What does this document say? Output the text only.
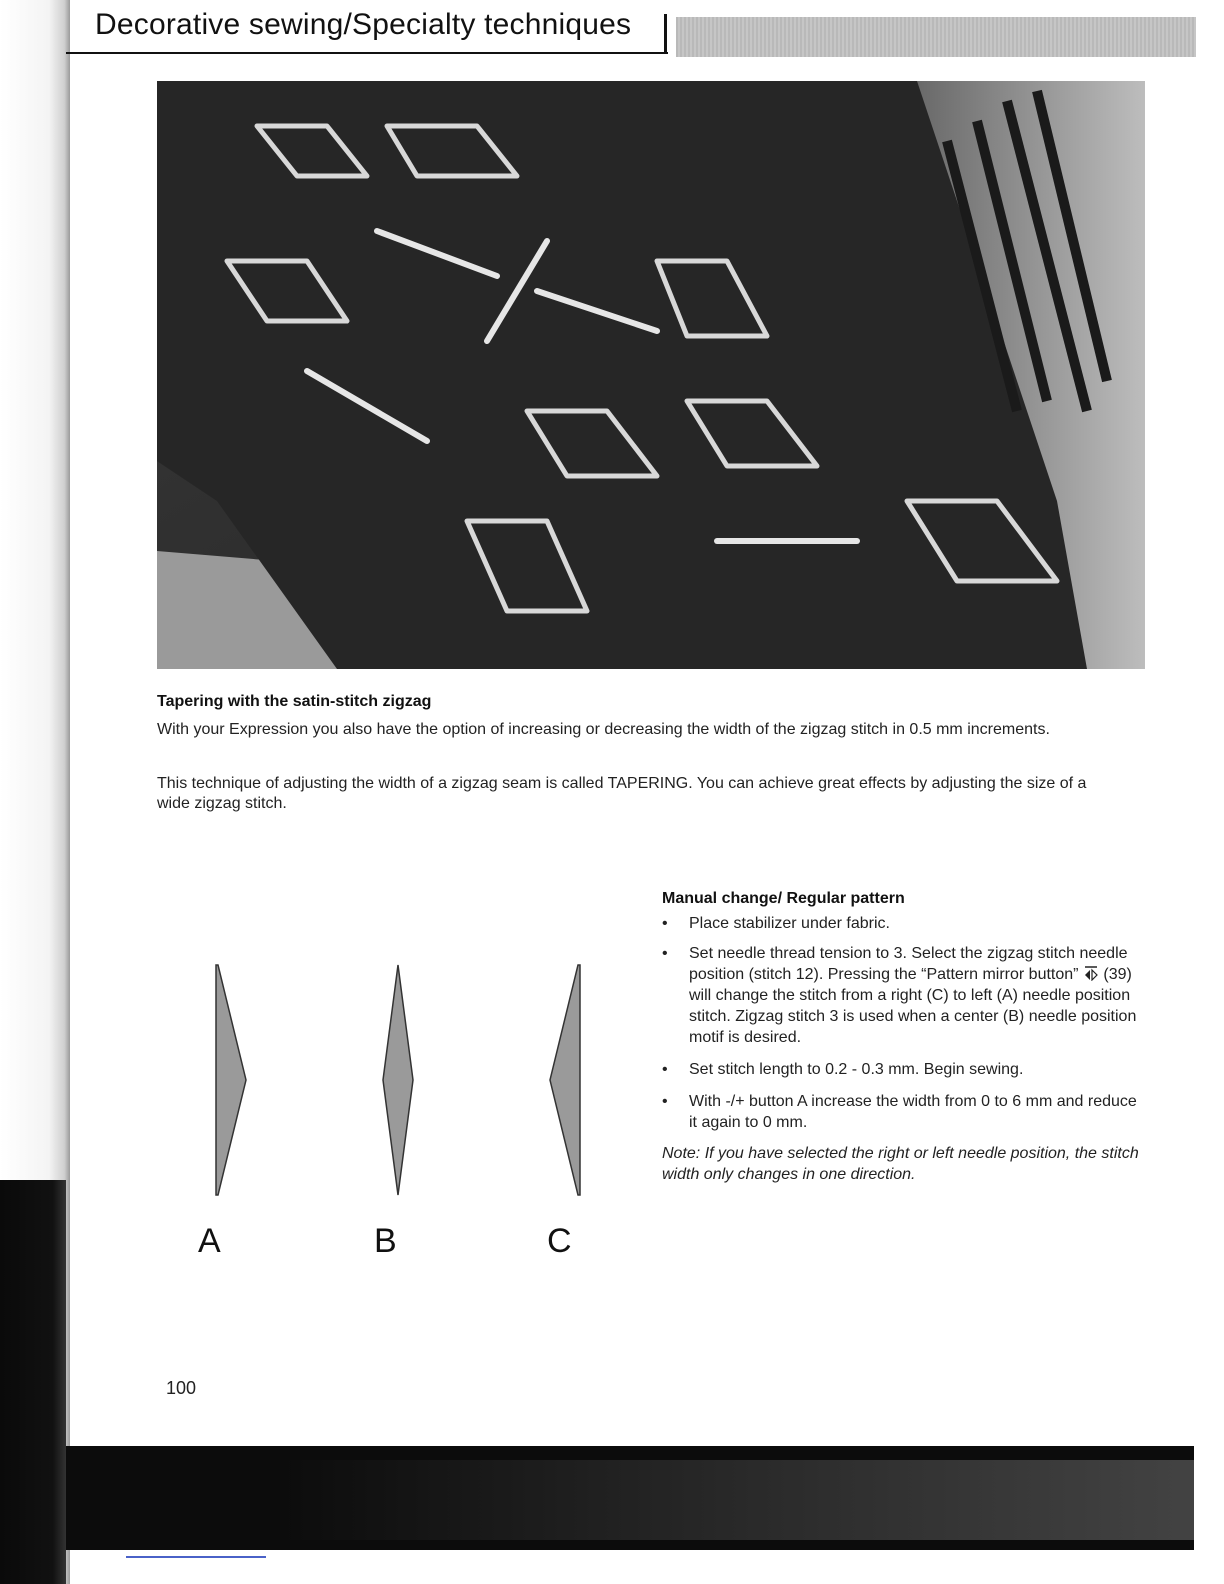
Decorative sewing/Specialty techniques
Tapering with the satin-stitch zigzag
With your Expression you also have the option of increasing or decreasing the width of the zigzag stitch in 0.5 mm increments.
This technique of adjusting the width of a zigzag seam is called TAPERING. You can achieve great effects by adjusting the size of a wide zigzag stitch.
A	B	C
Manual change/ Regular pattern
• Place stabilizer under fabric.
• Set needle thread tension to 3. Select the zigzag stitch needle position (stitch 12). Pressing the “Pattern mirror button”  (39) will change the stitch from a right (C) to left (A) needle position stitch. Zigzag stitch 3 is used when a center (B) needle position motif is desired.
• Set stitch length to 0.2 - 0.3 mm. Begin sewing.
• With -/+ button A increase the width from 0 to 6 mm and reduce it again to 0 mm.
Note: If you have selected the right or left needle position, the stitch width only changes in one direction.
100
